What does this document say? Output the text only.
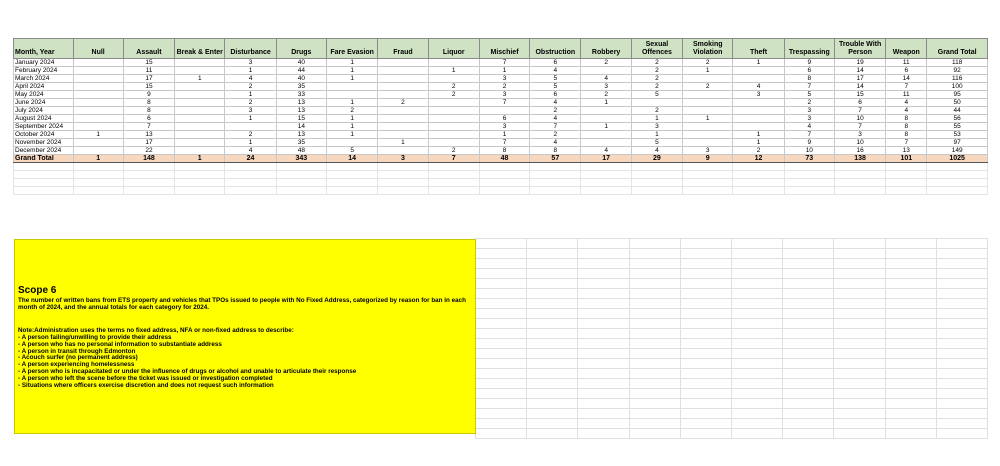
Month, Year	Null	Assault	Break & Enter	Disturbance	Drugs	Fare Evasion	Fraud	Liquor	Mischief	Obstruction	Robbery	Sexual Offences	Smoking Violation	Theft	Trespassing	Trouble With Person	Weapon	Grand Total
January 2024		15		3	40	1			7	6	2	2	2	1	9	19	11	118
February 2024		11		1	44	1		1	1	4		2	1		6	14	6	92
March 2024		17	1	4	40	1			3	5	4	2			8	17	14	116
April 2024		15		2	35			2	2	5	3	2	2	4	7	14	7	100
May 2024		9		1	33			2	3	6	2	5		3	5	15	11	95
June 2024		8		2	13	1	2		7	4	1				2	6	4	50
July 2024		8		3	13	2				2		2			3	7	4	44
August 2024		6		1	15	1			6	4		1	1		3	10	8	56
September 2024		7			14	1			3	7	1	3			4	7	8	55
October 2024	1	13		2	13	1			1	2		1		1	7	3	8	53
November 2024		17		1	35		1		7	4		5		1	9	10	7	97
December 2024		22		4	48	5		2	8	8	4	4	3	2	10	16	13	149
Grand Total	1	148	1	24	343	14	3	7	48	57	17	29	9	12	73	138	101	1025

Scope 6
The number of written bans from ETS property and vehicles that TPOs issued to people with No Fixed Address, categorized by reason for ban in each month of 2024, and the annual totals for each category for 2024.
Note:Administration uses the terms no fixed address, NFA or non-fixed address to describe:
- A person failing/unwilling to provide their address
- A person who has no personal information to substantiate address
- A person in transit through Edmonton
- Acouch surfer (no permanent address)
- A person experiencing homelessness
- A person who is incapacitated or under the influence of drugs or alcohol and unable to articulate their response
- A person who left the scene before the ticket was issued or investigation completed
- Situations where officers exercise discretion and does not request such information
